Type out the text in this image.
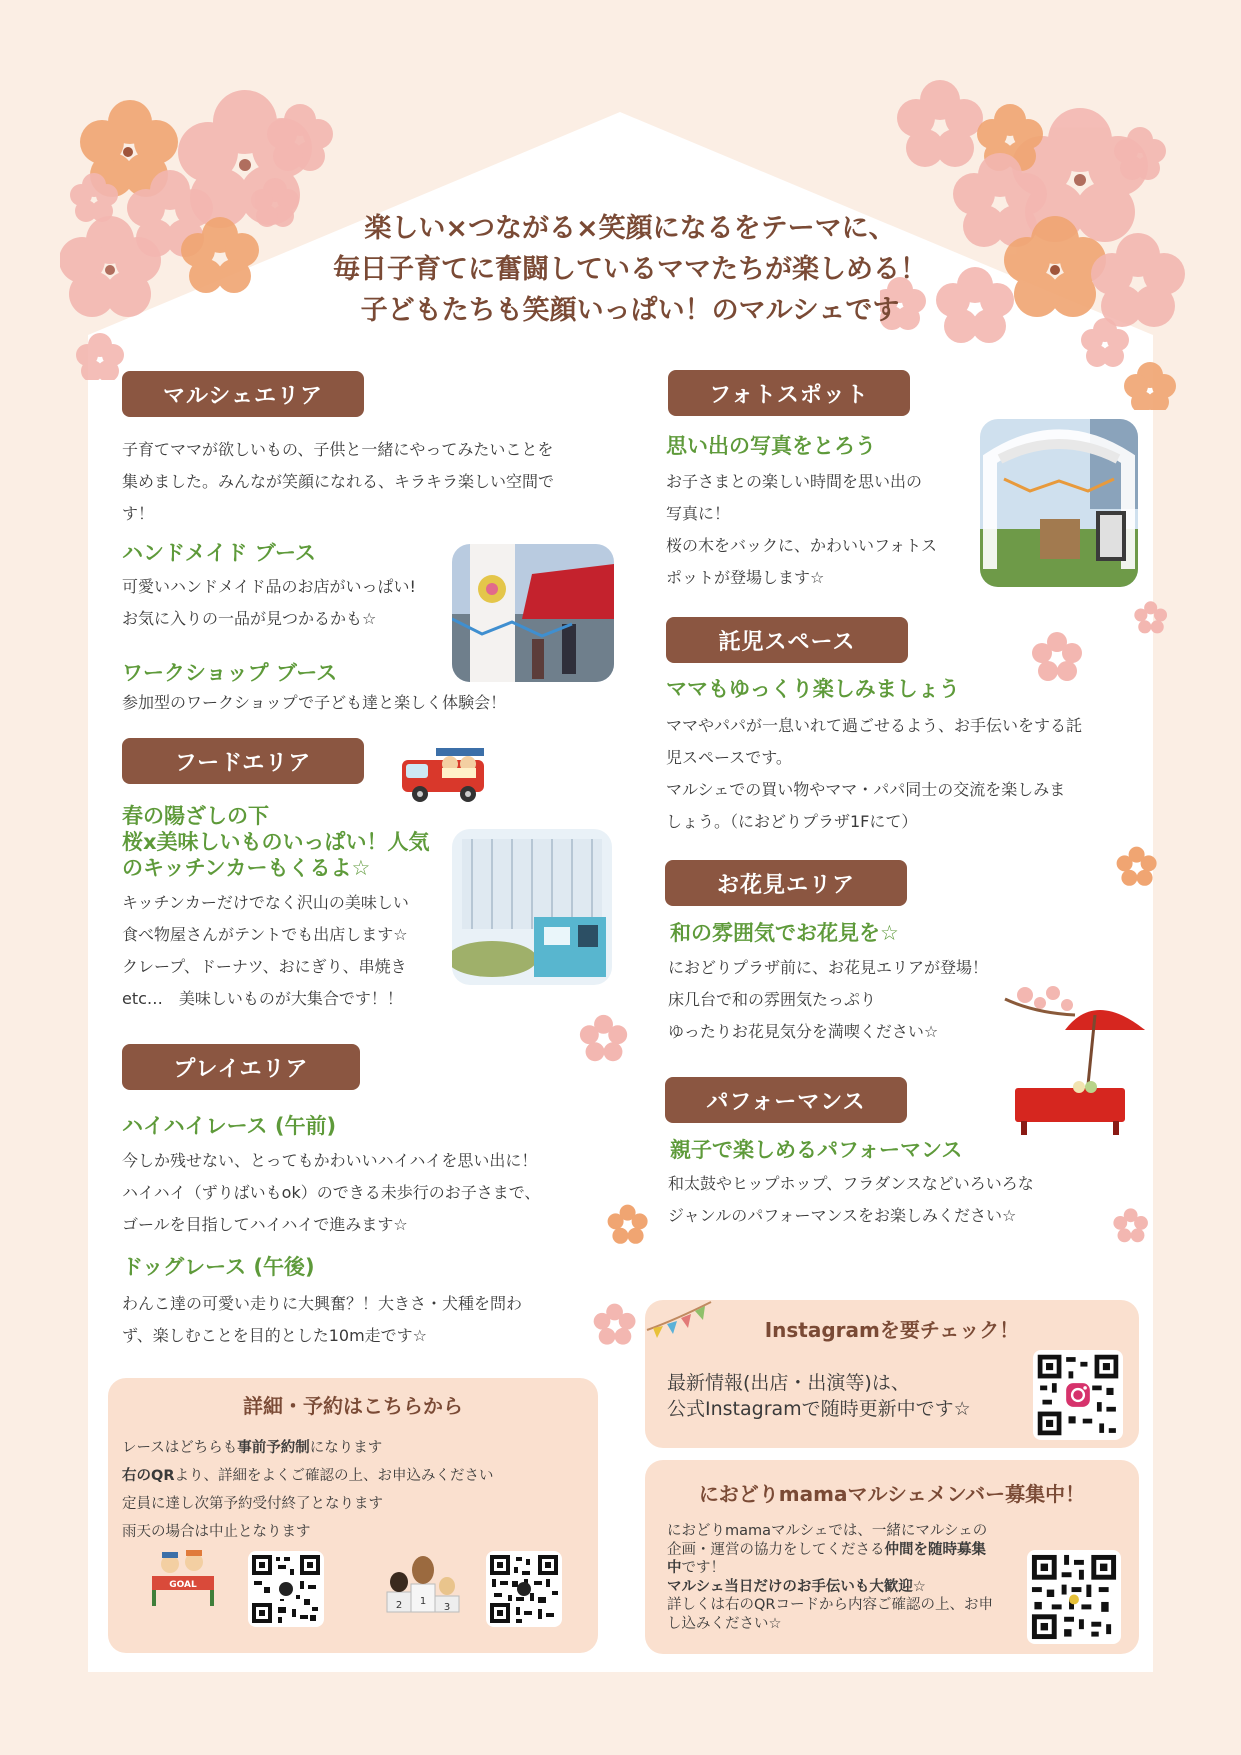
楽しい×つながる×笑顔になるをテーマに、
毎日子育てに奮闘しているママたちが楽しめる！
子どもたちも笑顔いっぱい！のマルシェです
マルシェエリア
子育てママが欲しいもの、子供と一緒にやってみたいことを
集めました。みんなが笑顔になれる、キラキラ楽しい空間で
す！
ハンドメイド ブース
可愛いハンドメイド品のお店がいっぱい!
お気に入りの一品が見つかるかも☆
ワークショップ ブース
参加型のワークショップで子ども達と楽しく体験会！
フードエリア
春の陽ざしの下
桜x美味しいものいっぱい！人気
のキッチンカーもくるよ☆
キッチンカーだけでなく沢山の美味しい
食べ物屋さんがテントでも出店します☆
クレープ、ドーナツ、おにぎり、串焼き
etc…　美味しいものが大集合です！！
プレイエリア
ハイハイレース (午前)
今しか残せない、とってもかわいいハイハイを思い出に！
ハイハイ（ずりばいもok）のできる未歩行のお子さまで、
ゴールを目指してハイハイで進みます☆
ドッグレース (午後)
わんこ達の可愛い走りに大興奮？！大きさ・犬種を問わ
ず、楽しむことを目的とした10m走です☆
詳細・予約はこちらから
レースはどちらも事前予約制になります
右のQRより、詳細をよくご確認の上、お申込みください
定員に達し次第予約受付終了となります
雨天の場合は中止となります
GOAL
2 1
3
フォトスポット
思い出の写真をとろう
お子さまとの楽しい時間を思い出の
写真に！
桜の木をバックに、かわいいフォトス
ポットが登場します☆
託児スペース
ママもゆっくり楽しみましょう
ママやパパが一息いれて過ごせるよう、お手伝いをする託
児スペースです。
マルシェでの買い物やママ・パパ同士の交流を楽しみま
しょう。（におどりプラザ1Fにて）
お花見エリア
和の雰囲気でお花見を☆
におどりプラザ前に、お花見エリアが登場！
床几台で和の雰囲気たっぷり
ゆったりお花見気分を満喫ください☆
パフォーマンス
親子で楽しめるパフォーマンス
和太鼓やヒップホップ、フラダンスなどいろいろな
ジャンルのパフォーマンスをお楽しみください☆
Instagramを要チェック！
最新情報(出店・出演等)は、
公式Instagramで随時更新中です☆
におどりmamaマルシェメンバー募集中！
におどりmamaマルシェでは、一緒にマルシェの
企画・運営の協力をしてくださる仲間を随時募集
中です！
マルシェ当日だけのお手伝いも大歓迎☆
詳しくは右のQRコードから内容ご確認の上、お申
し込みください☆
